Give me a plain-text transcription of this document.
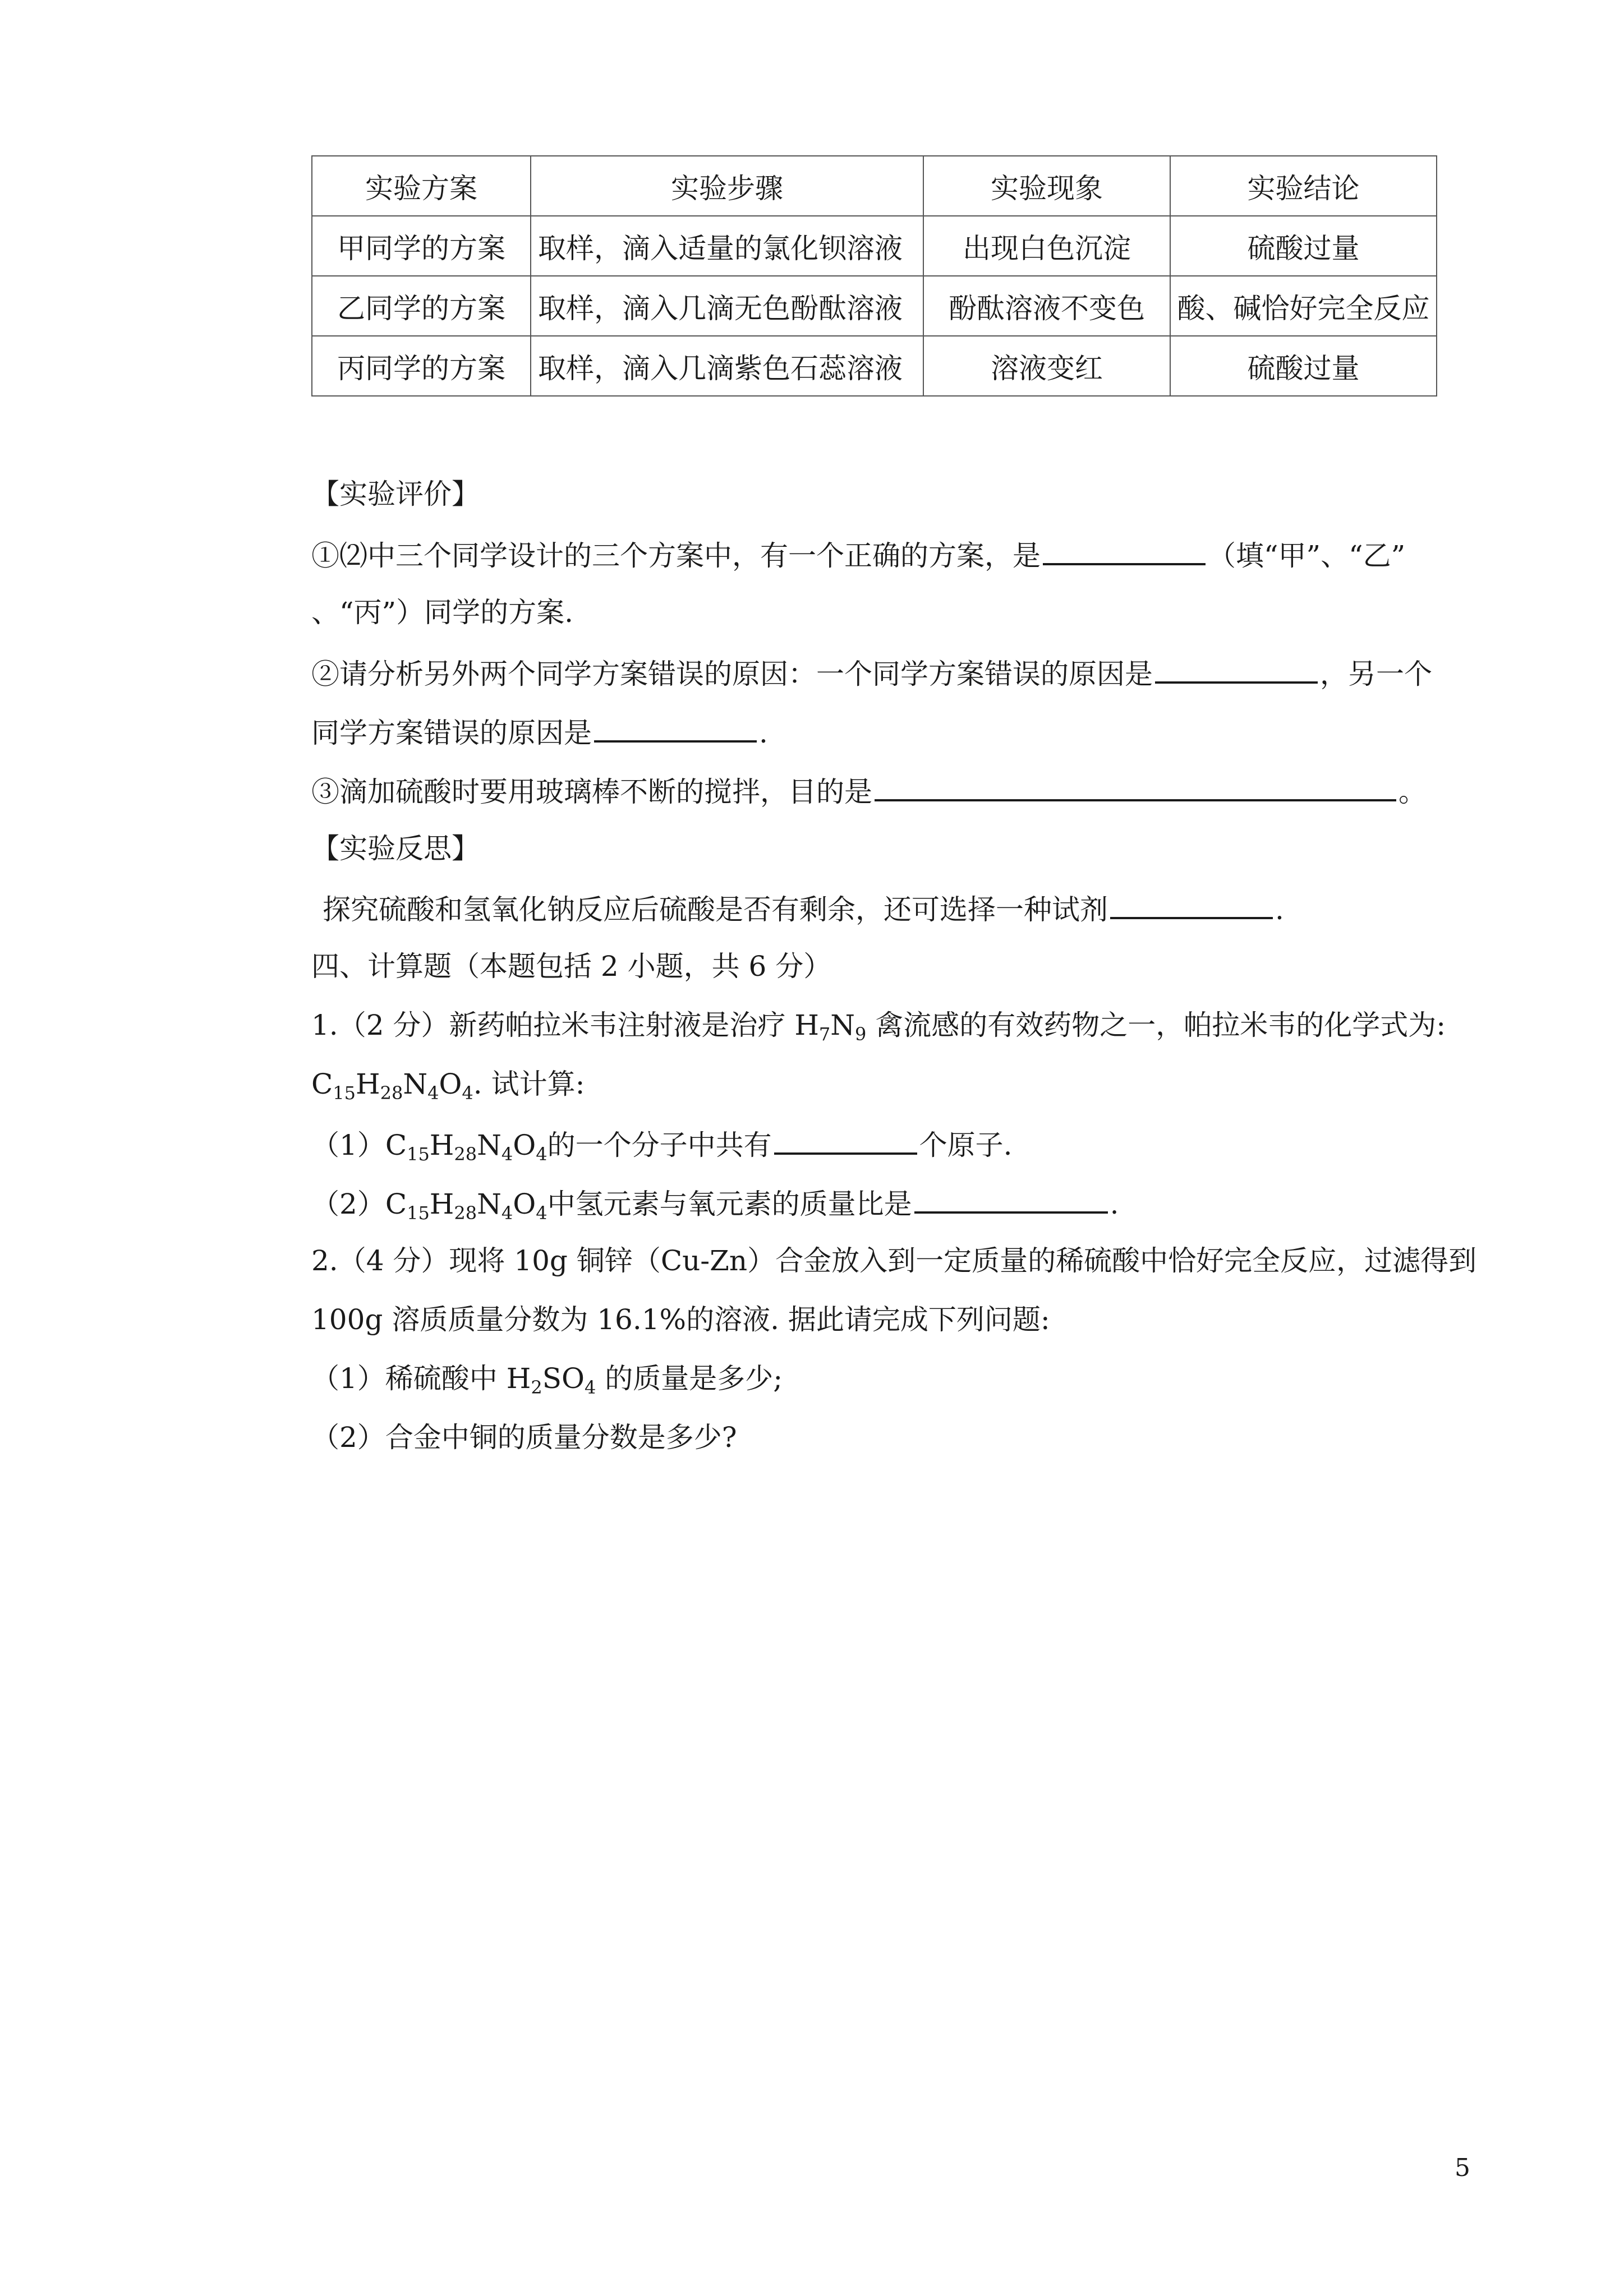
实验方案	实验步骤	实验现象	实验结论
甲同学的方案	取样，滴入适量的氯化钡溶液	出现白色沉淀	硫酸过量
乙同学的方案	取样，滴入几滴无色酚酞溶液	酚酞溶液不变色	酸、碱恰好完全反应
丙同学的方案	取样，滴入几滴紫色石蕊溶液	溶液变红	硫酸过量
【实验评价】
①⑵中三个同学设计的三个方案中，有一个正确的方案，是	（填“甲”、“乙”
、“丙”）同学的方案.
②请分析另外两个同学方案错误的原因：一个同学方案错误的原因是	，另一个
同学方案错误的原因是	.
③滴加硫酸时要用玻璃棒不断的搅拌，目的是	。
【实验反思】
探究硫酸和氢氧化钠反应后硫酸是否有剩余，还可选择一种试剂	.
四、计算题（本题包括 2 小题，共 6 分）
1.（2 分）新药帕拉米韦注射液是治疗 $H_7N_9$ 禽流感的有效药物之一，帕拉米韦的化学式为:
$C_{15}H_{28}N_4O_4$. 试计算:
$(1)C_{15}H_{28}N_4O_4$的一个分子中共有	个原子.
$(2)C_{15}H_{28}N_4O_4$中氢元素与氧元素的质量比是	.
2.（4 分）现将 10g 铜锌（Cu-Zn）合金放入到一定质量的稀硫酸中恰好完全反应，过滤得到
100g 溶质质量分数为 16.1%的溶液. 据此请完成下列问题:
（1）稀硫酸中 $H_2SO_4$ 的质量是多少;
（2）合金中铜的质量分数是多少?
5
